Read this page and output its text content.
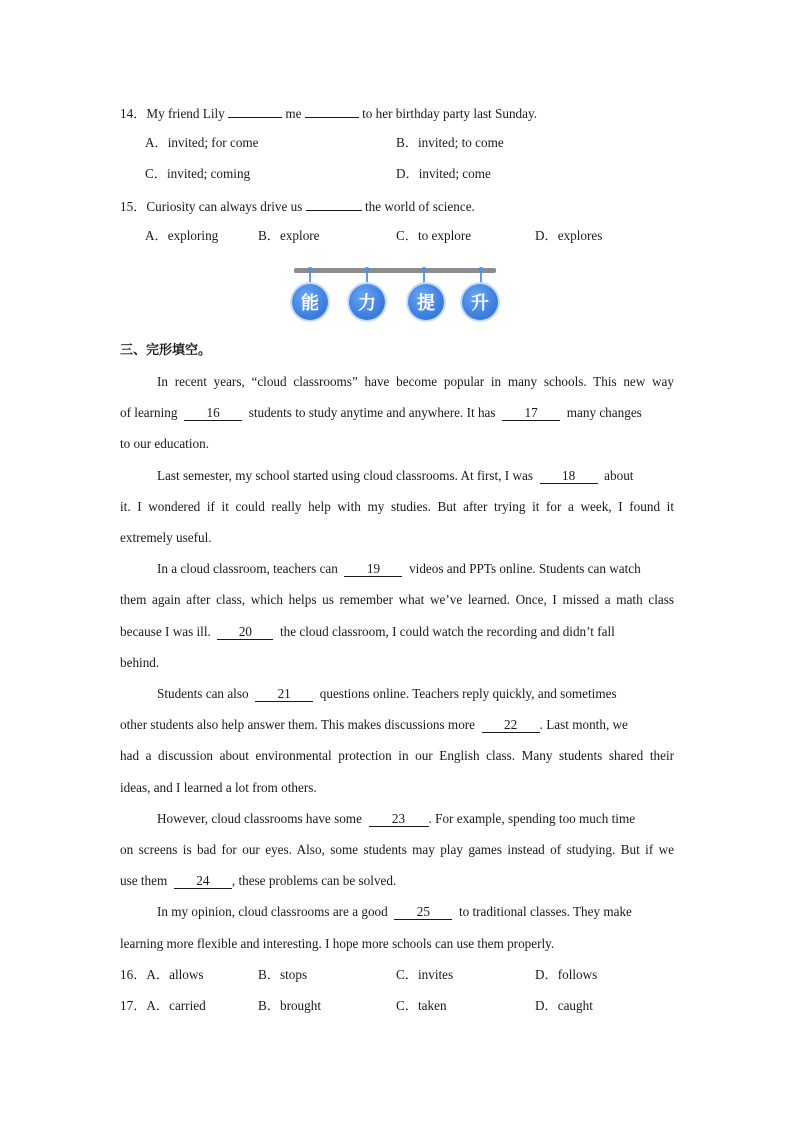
14．My friend Lily	me	to her birthday party last Sunday.
A．invited; for come	B．invited; to come
C．invited; coming	D．invited; come
15．Curiosity can always drive us	the world of science.
A．exploring	B．explore	C．to explore	D．explores
能	力	提	升
三、完形填空。
In recent years, “cloud classrooms” have become popular in many schools. This new way
of learning 16 students to study anytime and anywhere. It has 17 many changes
to our education.
Last semester, my school started using cloud classrooms. At first, I was 18 about
it. I wondered if it could really help with my studies. But after trying it for a week, I found it
extremely useful.
In a cloud classroom, teachers can 19 videos and PPTs online. Students can watch
them again after class, which helps us remember what we’ve learned. Once, I missed a math class
because I was ill. 20 the cloud classroom, I could watch the recording and didn’t fall
behind.
Students can also 21 questions online. Teachers reply quickly, and sometimes
other students also help answer them. This makes discussions more 22 . Last month, we
had a discussion about environmental protection in our English class. Many students shared their
ideas, and I learned a lot from others.
However, cloud classrooms have some 23 . For example, spending too much time
on screens is bad for our eyes. Also, some students may play games instead of studying. But if we
use them 24 , these problems can be solved.
In my opinion, cloud classrooms are a good 25 to traditional classes. They make
learning more flexible and interesting. I hope more schools can use them properly.
16．A．allows	B．stops	C．invites	D．follows
17．A．carried	B．brought	C．taken	D．caught
